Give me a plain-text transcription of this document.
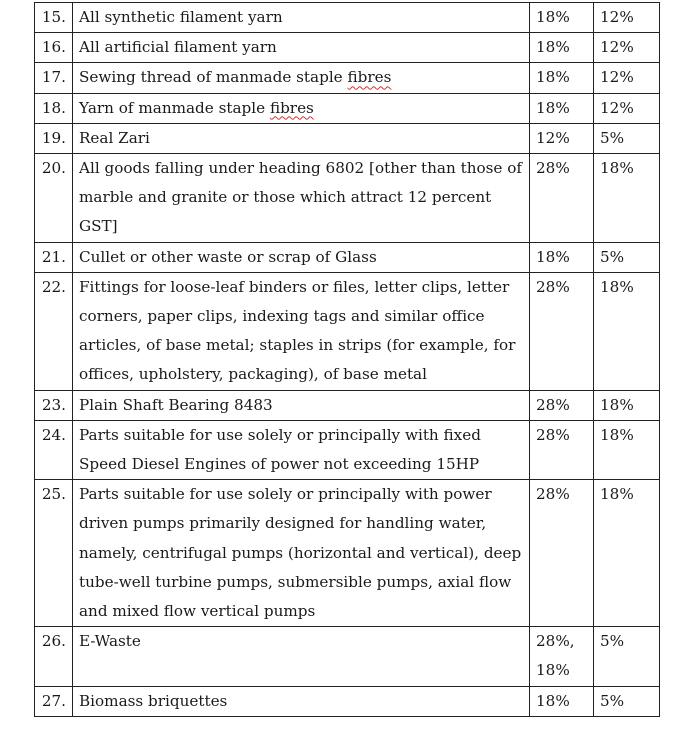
15.	All synthetic filament yarn	18%	12%
16.	All artificial filament yarn	18%	12%
17.	Sewing thread of manmade staple fibres	18%	12%
18.	Yarn of manmade staple fibres	18%	12%
19.	Real Zari	12%	5%
20.	All goods falling under heading 6802 [other than those of marble and granite or those which attract 12 percent GST]	28%	18%
21.	Cullet or other waste or scrap of Glass	18%	5%
22.	Fittings for loose-leaf binders or files, letter clips, letter corners, paper clips, indexing tags and similar office articles, of base metal; staples in strips (for example, for offices, upholstery, packaging), of base metal	28%	18%
23.	Plain Shaft Bearing 8483	28%	18%
24.	Parts suitable for use solely or principally with fixed Speed Diesel Engines of power not exceeding 15HP	28%	18%
25.	Parts suitable for use solely or principally with power driven pumps primarily designed for handling water, namely, centrifugal pumps (horizontal and vertical), deep tube-well turbine pumps, submersible pumps, axial flow and mixed flow vertical pumps	28%	18%
26.	E-Waste	28%, 18%	5%
27.	Biomass briquettes	18%	5%
